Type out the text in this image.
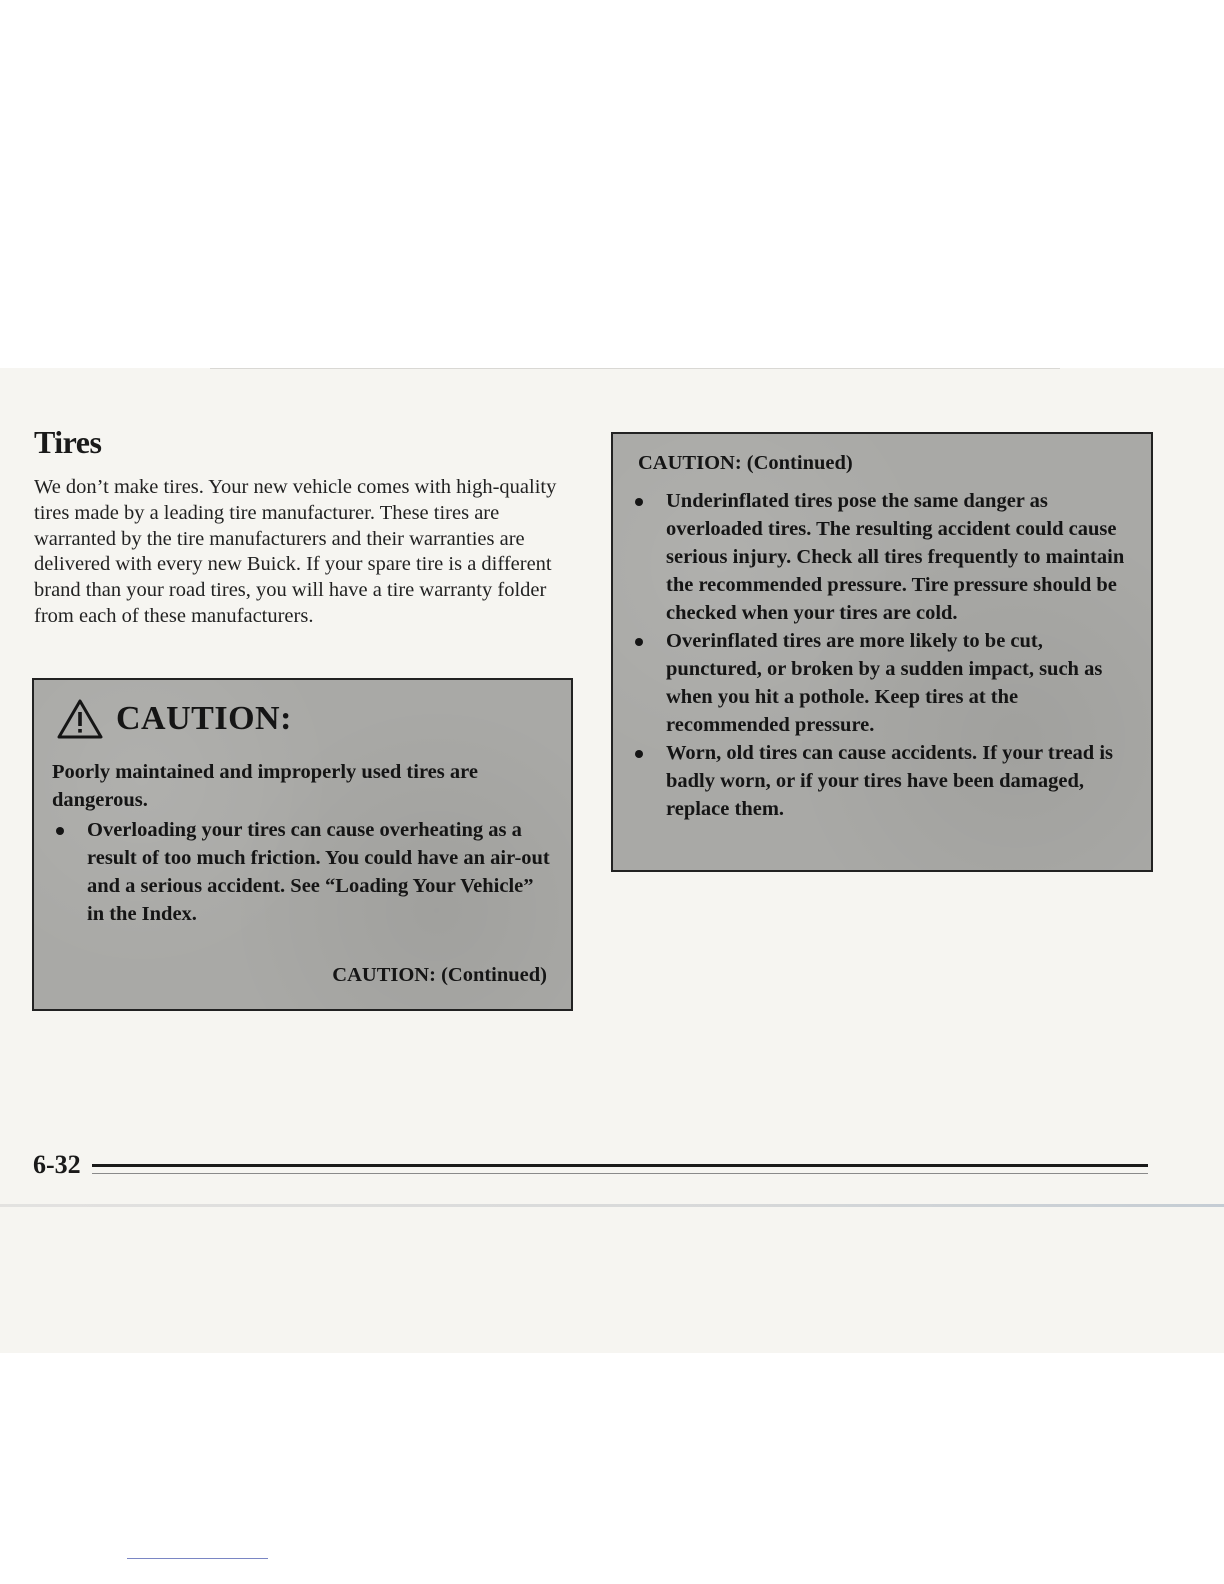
Tires

We don’t make tires. Your new vehicle comes with high-quality tires made by a leading tire manufacturer. These tires are warranted by the tire manufacturers and their warranties are delivered with every new Buick. If your spare tire is a different brand than your road tires, you will have a tire warranty folder from each of these manufacturers.

CAUTION:

Poorly maintained and improperly used tires are dangerous.

Overloading your tires can cause overheating as a result of too much friction. You could have an air-out and a serious accident. See “Loading Your Vehicle” in the Index.
CAUTION: (Continued)
CAUTION: (Continued)
Underinflated tires pose the same danger as overloaded tires. The resulting accident could cause serious injury. Check all tires frequently to maintain the recommended pressure. Tire pressure should be checked when your tires are cold.
Overinflated tires are more likely to be cut, punctured, or broken by a sudden impact, such as when you hit a pothole. Keep tires at the recommended pressure.
Worn, old tires can cause accidents. If your tread is badly worn, or if your tires have been damaged, replace them.
6-32
